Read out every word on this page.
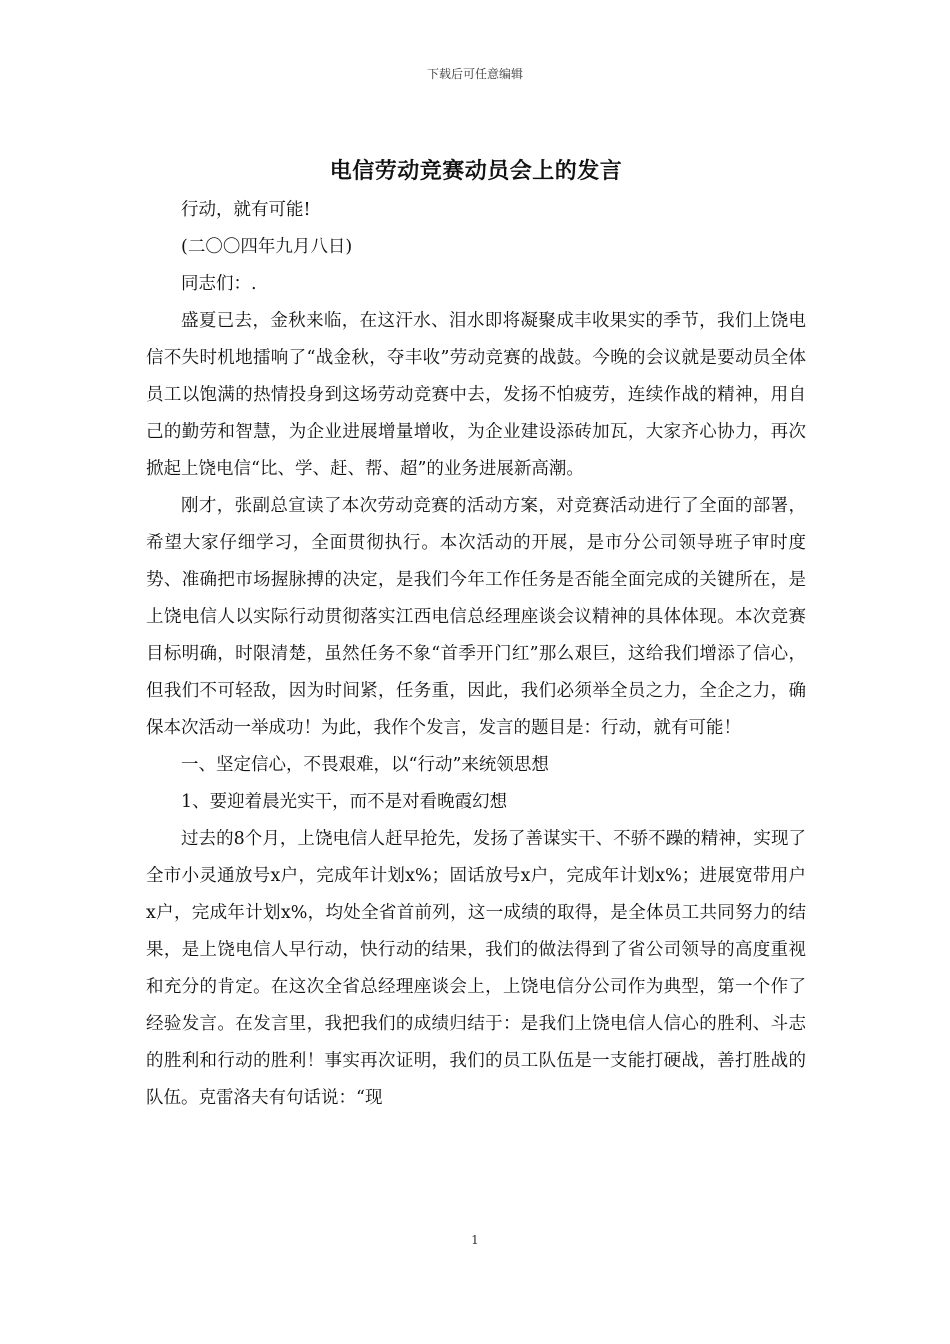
下载后可任意编辑
电信劳动竞赛动员会上的发言

行动，就有可能!

(二〇〇四年九月八日)

同志们：.

盛夏已去，金秋来临，在这汗水、泪水即将凝聚成丰收果实的季节，我们上饶电信不失时机地擂响了“战金秋，夺丰收”劳动竞赛的战鼓。今晚的会议就是要动员全体员工以饱满的热情投身到这场劳动竞赛中去，发扬不怕疲劳，连续作战的精神，用自己的勤劳和智慧，为企业进展增量增收，为企业建设添砖加瓦，大家齐心协力，再次掀起上饶电信“比、学、赶、帮、超”的业务进展新高潮。

刚才，张副总宣读了本次劳动竞赛的活动方案，对竞赛活动进行了全面的部署，希望大家仔细学习，全面贯彻执行。本次活动的开展，是市分公司领导班子审时度势、准确把市场握脉搏的决定，是我们今年工作任务是否能全面完成的关键所在，是上饶电信人以实际行动贯彻落实江西电信总经理座谈会议精神的具体体现。本次竞赛目标明确，时限清楚，虽然任务不象“首季开门红”那么艰巨，这给我们增添了信心，但我们不可轻敌，因为时间紧，任务重，因此，我们必须举全员之力，全企之力，确保本次活动一举成功！为此，我作个发言，发言的题目是：行动，就有可能！

一、坚定信心，不畏艰难，以“行动”来统领思想

1、要迎着晨光实干，而不是对看晚霞幻想

过去的8个月，上饶电信人赶早抢先，发扬了善谋实干、不骄不躁的精神，实现了全市小灵通放号x户，完成年计划x%；固话放号x户，完成年计划x%；进展宽带用户x户，完成年计划x%，均处全省首前列，这一成绩的取得，是全体员工共同努力的结果，是上饶电信人早行动，快行动的结果，我们的做法得到了省公司领导的高度重视和充分的肯定。在这次全省总经理座谈会上，上饶电信分公司作为典型，第一个作了经验发言。在发言里，我把我们的成绩归结于：是我们上饶电信人信心的胜利、斗志的胜利和行动的胜利！事实再次证明，我们的员工队伍是一支能打硬战，善打胜战的队伍。克雷洛夫有句话说：“现

1
